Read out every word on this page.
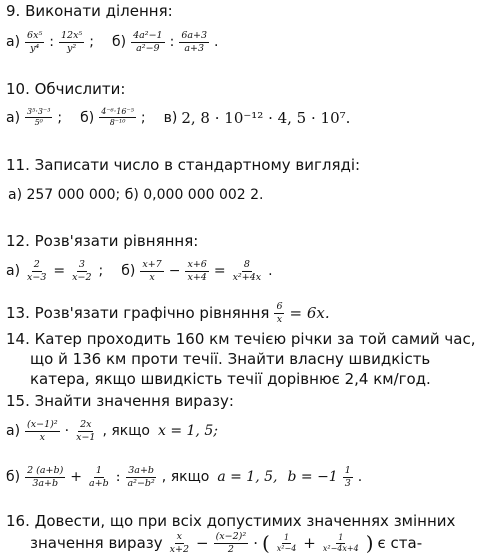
9. Виконати ділення:
а) 6x⁵
y⁴ : 12x⁵
y² ; б) 4a²−1
a²−9 : 6a+3
a+3 .
10. Обчислити:
а) 3⁵·3⁻³
5⁰ ; б) 4⁻⁶·16⁻⁵
8⁻¹⁰ ; в) 2, 8 · 10⁻¹² · 4, 5 · 10⁷.
11. Записати число в стандартному вигляді:
а) 257 000 000; б) 0,000 000 002 2.
12. Розв'язати рівняння:
$а) \frac{2}{x-3} = \frac{3}{x-2}$ ; б) x+7
$x - \frac{x+6}{x+4} = \frac{8}{\text{x²+4x}}$ .
13. Розв'язати графічно рівняння $\frac{6}{x} = 6x$.
14. Катер проходить 160 км течією річки за той самий час,
що й 136 км проти течії. Знайти власну швидкість
катера, якщо швидкість течії дорівнює 2,4 км/год.
15. Знайти значення виразу:
а) (x−1)²
x · 2x
x−1 , якщо x = 1, 5;
б) 2 (a+b)
$3a+b + \frac{1}{a+b}$ : 3a+b
a²−b² , якщо a = 1, 5, b = −1 1
3 .
16. Довести, що при всіх допустимих значеннях змінних
значення виразу x
$x+2 - \frac{\text{(x−2)²}}{2}$ · ( 1
$x^2-4 + \frac{1}{\text{x²−4x+4}}$ ) є ста-
